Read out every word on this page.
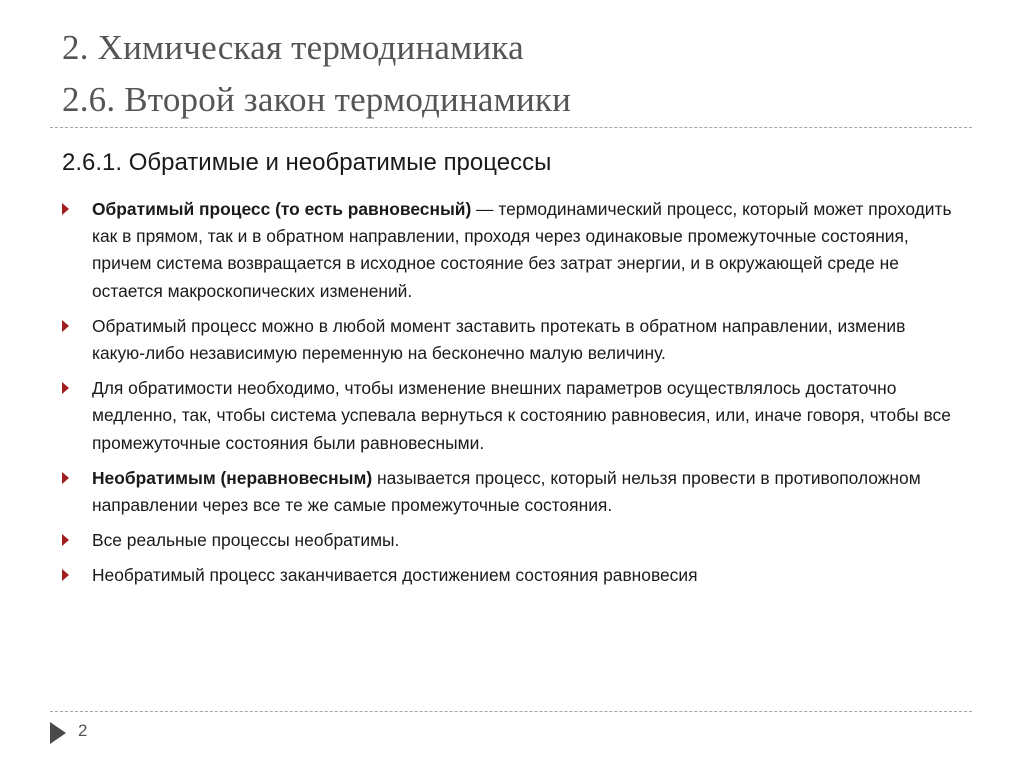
2. Химическая термодинамика
2.6. Второй закон термодинамики
2.6.1. Обратимые и необратимые процессы
Обратимый процесс (то есть равновесный) — термодинамический процесс, который может проходить как в прямом, так и в обратном направлении, проходя через одинаковые промежуточные состояния, причем система возвращается в исходное состояние без затрат энергии, и в окружающей среде не остается макроскопических изменений.
Обратимый процесс можно в любой момент заставить протекать в обратном направлении, изменив какую-либо независимую переменную на бесконечно малую величину.
Для обратимости необходимо, чтобы изменение внешних параметров осуществлялось достаточно медленно, так, чтобы система успевала вернуться к состоянию равновесия, или, иначе говоря, чтобы все промежуточные состояния были равновесными.
Необратимым (неравновесным) называется процесс, который нельзя провести в противоположном направлении через все те же самые промежуточные состояния.
Все реальные процессы необратимы.
Необратимый процесс заканчивается достижением состояния равновесия
2
